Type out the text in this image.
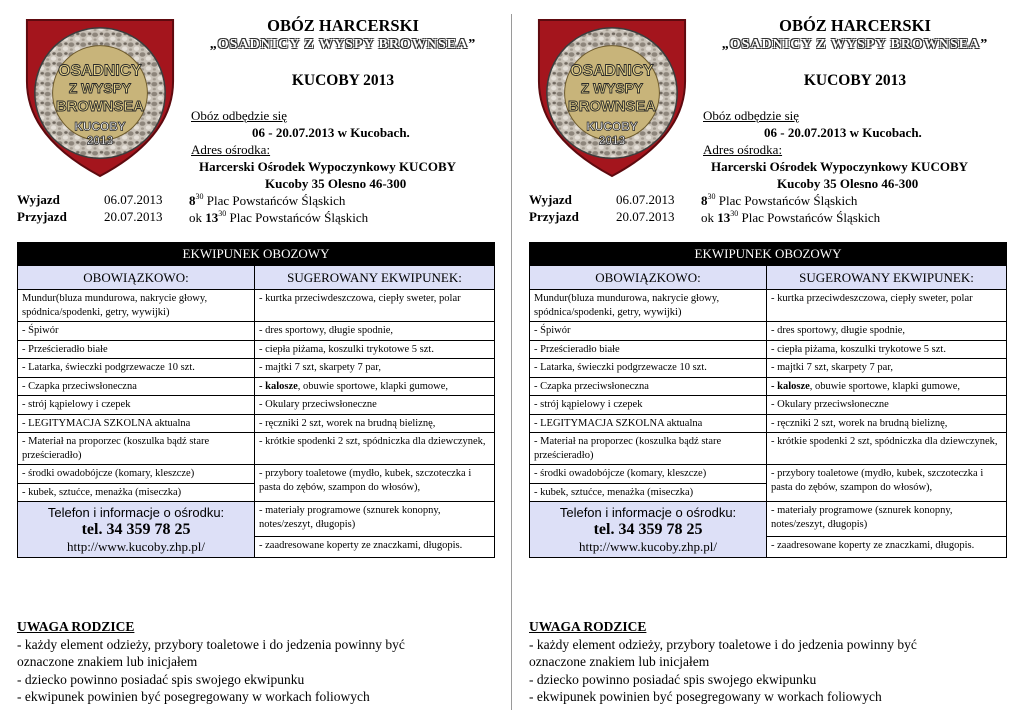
OSADNICY
Z WYSPY
BROWNSEA
KUCOBY
2013
OBÓZ HARCERSKI
„OSADNICY Z WYSPY BROWNSEA”
KUCOBY 2013
Obóz odbędzie się
06 - 20.07.2013 w Kucobach.
Adres ośrodka:
Harcerski Ośrodek Wypoczynkowy KUCOBY
Kucoby 35 Olesno 46-300
Wyjazd	06.07.2013 $8^{30}$ Plac Powstańców Śląskich
Przyjazd	20.07.2013 ok $13^{30}$ Plac Powstańców Śląskich
EKWIPUNEK OBOZOWY	
OBOWIĄZKOWO:	SUGEROWANY EKWIPUNEK:
Mundur(bluza mundurowa, nakrycie głowy, spódnica/spodenki, getry, wywijki)	- kurtka przeciwdeszczowa, ciepły sweter, polar
- Śpiwór	- dres sportowy, długie spodnie,
- Prześcieradło białe	- ciepła piżama, koszulki trykotowe 5 szt.
- Latarka, świeczki podgrzewacze 10 szt.	- majtki 7 szt, skarpety 7 par,
- Czapka przeciwsłoneczna	- kalosze, obuwie sportowe, klapki gumowe,
- strój kąpielowy i czepek	- Okulary przeciwsłoneczne
- LEGITYMACJA SZKOLNA aktualna	- ręczniki 2 szt, worek na brudną bieliznę,
- Materiał na proporzec (koszulka bądź stare prześcieradło)	- krótkie spodenki 2 szt, spódniczka dla dziewczynek,
- środki owadobójcze (komary, kleszcze)	- przybory toaletowe (mydło, kubek, szczoteczka i pasta do zębów, szampon do włosów),
- kubek, sztućce, menażka (miseczka)	

Telefon i informacje o ośrodku:
tel. 34 359 78 25
http://www.kucoby.zhp.pl/	- materiały programowe (sznurek konopny, notes/zeszyt, długopis)
	- zaadresowane koperty ze znaczkami, długopis.
UWAGA RODZICE
- każdy element odzieży, przybory toaletowe i do jedzenia powinny być
oznaczone znakiem lub inicjałem
- dziecko powinno posiadać spis swojego ekwipunku
- ekwipunek powinien być posegregowany w workach foliowych
OSADNICY
Z WYSPY
BROWNSEA
KUCOBY
2013
OBÓZ HARCERSKI
„OSADNICY Z WYSPY BROWNSEA”
KUCOBY 2013
Obóz odbędzie się
06 - 20.07.2013 w Kucobach.
Adres ośrodka:
Harcerski Ośrodek Wypoczynkowy KUCOBY
Kucoby 35 Olesno 46-300
Wyjazd	06.07.2013 $8^{30}$ Plac Powstańców Śląskich
Przyjazd	20.07.2013 ok $13^{30}$ Plac Powstańców Śląskich
EKWIPUNEK OBOZOWY	
OBOWIĄZKOWO:	SUGEROWANY EKWIPUNEK:
Mundur(bluza mundurowa, nakrycie głowy, spódnica/spodenki, getry, wywijki)	- kurtka przeciwdeszczowa, ciepły sweter, polar
- Śpiwór	- dres sportowy, długie spodnie,
- Prześcieradło białe	- ciepła piżama, koszulki trykotowe 5 szt.
- Latarka, świeczki podgrzewacze 10 szt.	- majtki 7 szt, skarpety 7 par,
- Czapka przeciwsłoneczna	- kalosze, obuwie sportowe, klapki gumowe,
- strój kąpielowy i czepek	- Okulary przeciwsłoneczne
- LEGITYMACJA SZKOLNA aktualna	- ręczniki 2 szt, worek na brudną bieliznę,
- Materiał na proporzec (koszulka bądź stare prześcieradło)	- krótkie spodenki 2 szt, spódniczka dla dziewczynek,
- środki owadobójcze (komary, kleszcze)	- przybory toaletowe (mydło, kubek, szczoteczka i pasta do zębów, szampon do włosów),
- kubek, sztućce, menażka (miseczka)	

Telefon i informacje o ośrodku:
tel. 34 359 78 25
http://www.kucoby.zhp.pl/	- materiały programowe (sznurek konopny, notes/zeszyt, długopis)
	- zaadresowane koperty ze znaczkami, długopis.
UWAGA RODZICE
- każdy element odzieży, przybory toaletowe i do jedzenia powinny być
oznaczone znakiem lub inicjałem
- dziecko powinno posiadać spis swojego ekwipunku
- ekwipunek powinien być posegregowany w workach foliowych
